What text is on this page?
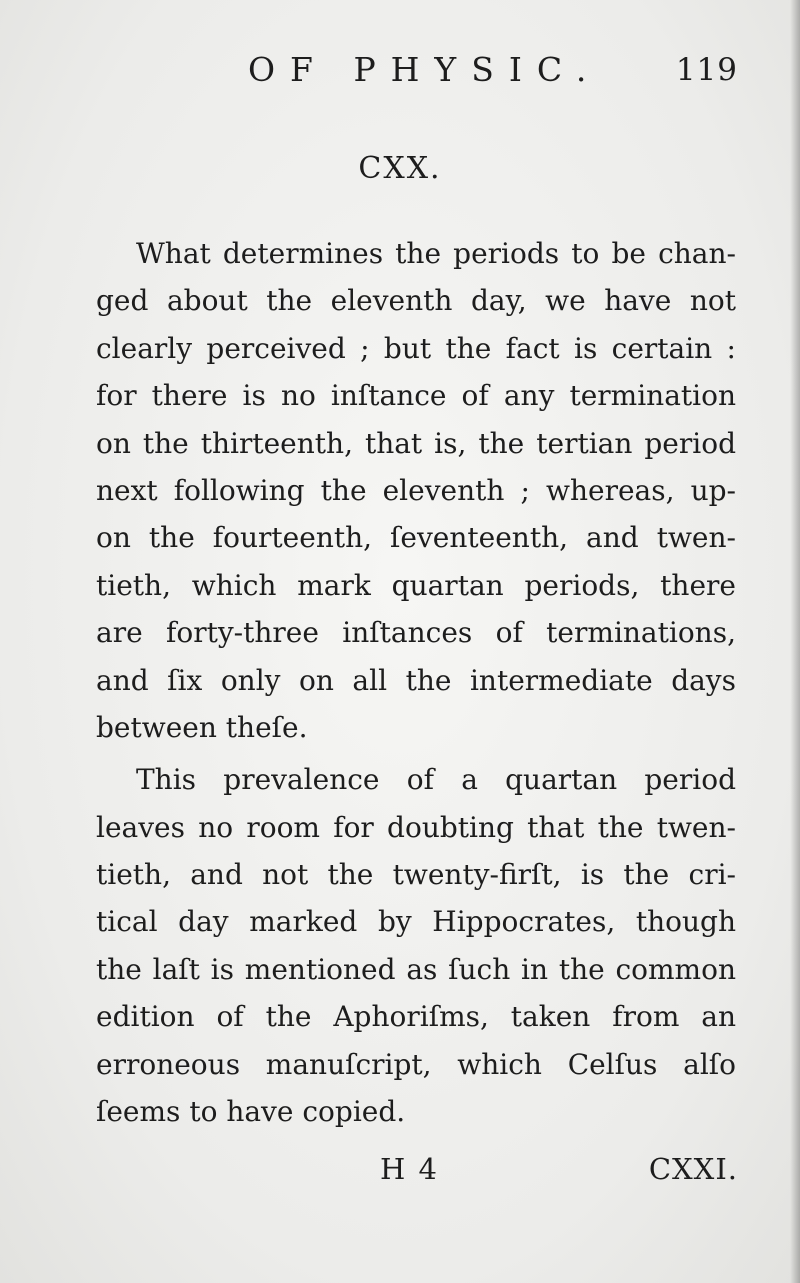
OF PHYSIC. 119
CXX.
What determines the periods to be chan-
ged about the eleventh day, we have not
clearly perceived ; but the fact is certain :
for there is no inſtance of any termination
on the thirteenth, that is, the tertian period
next following the eleventh ; whereas, up-
on the fourteenth, ſeventeenth, and twen-
tieth, which mark quartan periods, there
are forty-three inſtances of terminations,
and ſix only on all the intermediate days
between theſe.
This prevalence of a quartan period
leaves no room for doubting that the twen-
tieth, and not the twenty-firſt, is the cri-
tical day marked by Hippocrates, though
the laſt is mentioned as ſuch in the common
edition of the Aphoriſms, taken from an
erroneous manuſcript, which Celſus alſo
ſeems to have copied.
H 4	CXXI.
